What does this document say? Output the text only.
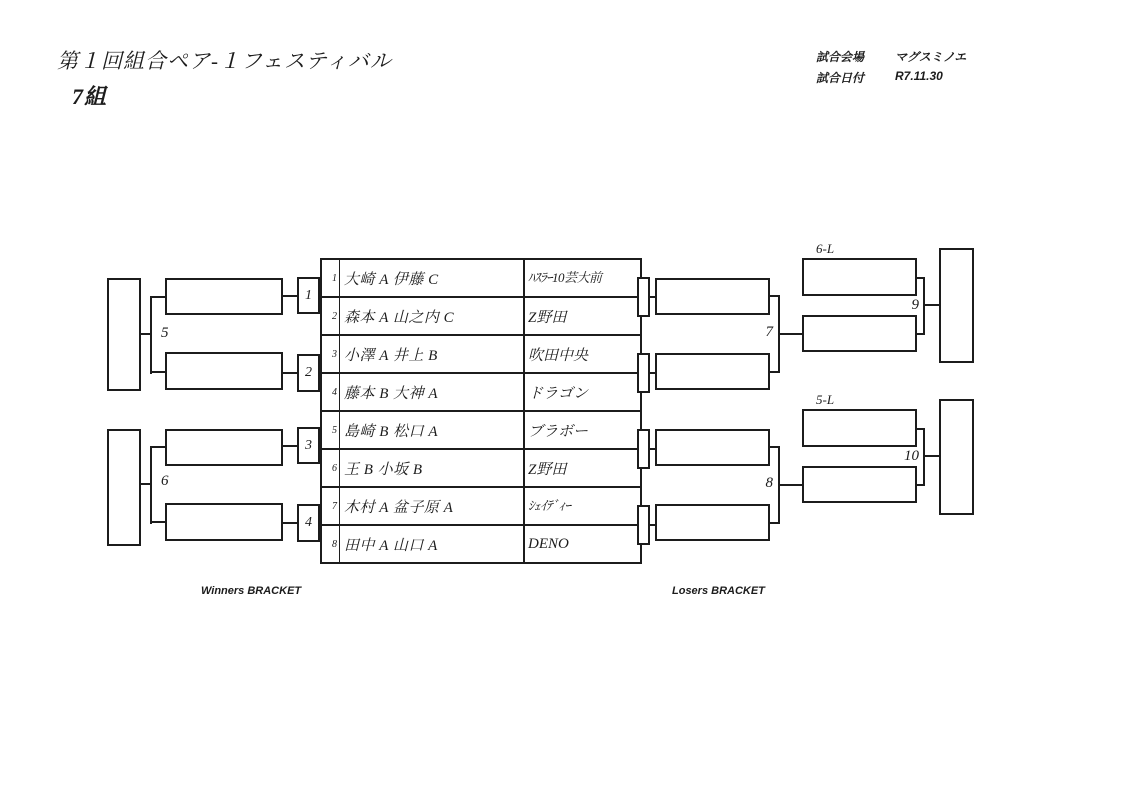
第１回組合ペア-１フェスティバル
7組
試合会場	マグスミノエ
試合日付	R7.11.30
1
2
5
3
4
6
1	大崎 A 伊藤 C	ﾊｽﾗｰ10芸大前
2	森本 A 山之内 C	Z野田
3	小澤 A 井上 B	吹田中央
4	藤本 B 大神 A	ドラゴン
5	島崎 B 松口 A	ブラボー
6	王 B 小坂 B	Z野田
7	木村 A 盆子原 A	ｼｪｲﾃﾞｨｰ
8	田中 A 山口 A	DENO
7
6-L
9
8
5-L
10
Winners BRACKET	Losers BRACKET
